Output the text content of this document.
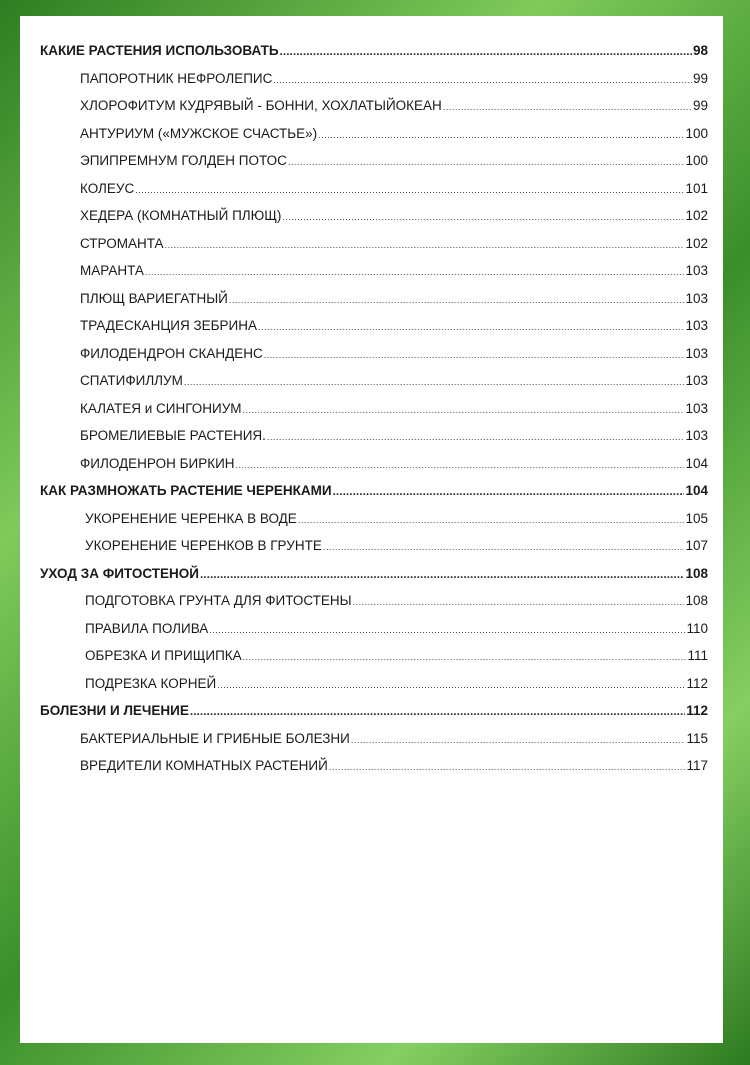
КАКИЕ РАСТЕНИЯ ИСПОЛЬЗОВАТЬ .....	98
ПАПОРОТНИК НЕФРОЛЕПИС .....	99
ХЛОРОФИТУМ КУДРЯВЫЙ - БОННИ, ХОХЛАТЫЙОКЕАН .....	99
АНТУРИУМ («МУЖСКОЕ СЧАСТЬЕ») .....	100
ЭПИПРЕМНУМ ГОЛДЕН ПОТОС .....	100
КОЛЕУС .....	101
ХЕДЕРА (КОМНАТНЫЙ ПЛЮЩ) .....	102
СТРОМАНТА .....	102
МАРАНТА .....	103
ПЛЮЩ ВАРИЕГАТНЫЙ .....	103
ТРАДЕСКАНЦИЯ ЗЕБРИНА .....	103
ФИЛОДЕНДРОН СКАНДЕНС .....	103
СПАТИФИЛЛУМ .....	103
КАЛАТЕЯ и СИНГОНИУМ .....	103
БРОМЕЛИЕВЫЕ РАСТЕНИЯ. .....	103
ФИЛОДЕНРОН БИРКИН .....	104
КАК РАЗМНОЖАТЬ РАСТЕНИЕ ЧЕРЕНКАМИ .....	104
УКОРЕНЕНИЕ ЧЕРЕНКА В ВОДЕ .....	105
УКОРЕНЕНИЕ ЧЕРЕНКОВ В ГРУНТЕ .....	107
УХОД ЗА ФИТОСТЕНОЙ .....	108
ПОДГОТОВКА ГРУНТА ДЛЯ ФИТОСТЕНЫ .....	108
ПРАВИЛА ПОЛИВА .....	110
ОБРЕЗКА И ПРИЩИПКА .....	111
ПОДРЕЗКА КОРНЕЙ .....	112
БОЛЕЗНИ И ЛЕЧЕНИЕ .....	112
БАКТЕРИАЛЬНЫЕ И ГРИБНЫЕ БОЛЕЗНИ .....	115
ВРЕДИТЕЛИ КОМНАТНЫХ РАСТЕНИЙ .....	117
